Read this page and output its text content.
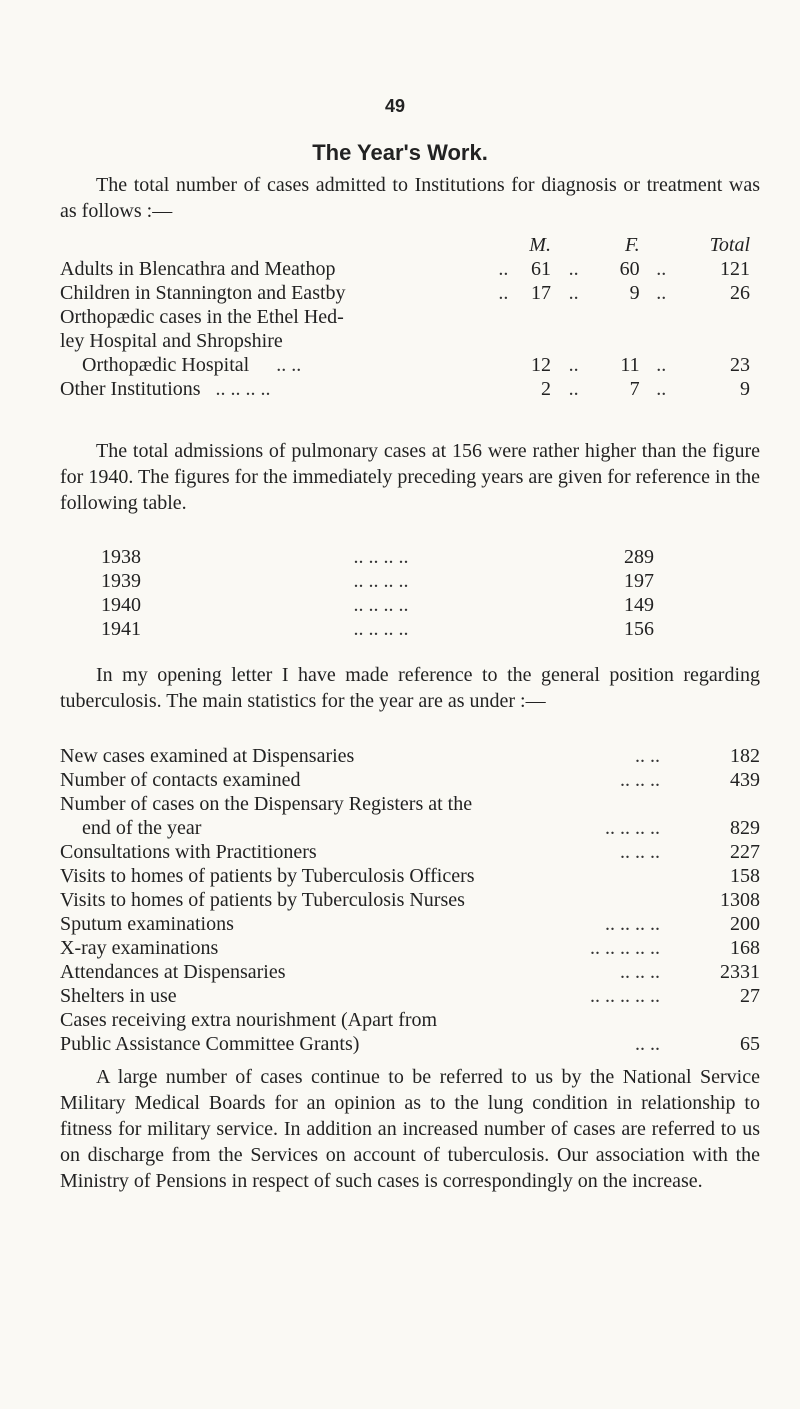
49
The Year's Work.

The total number of cases admitted to Institutions for diagnosis or treatment was as follows :—

		M.		F.		Total
Adults in Blencathra and Meathop	..	61	..	60	..	121
Children in Stannington and Eastby	..	17	..	9	..	26

Orthopædic cases in the Ethel Hed-
ley Hospital and Shropshire
Orthopædic Hospital .. ..		12	..	11	..	23
Other Institutions .. .. .. ..		2	..	7	..	9

The total admissions of pulmonary cases at 156 were rather higher than the figure for 1940. The figures for the immediately preceding years are given for reference in the following table.

1938	.. .. .. ..	289
1939	.. .. .. ..	197
1940	.. .. .. ..	149
1941	.. .. .. ..	156

In my opening letter I have made reference to the general position regarding tuberculosis. The main statistics for the year are as under :—

New cases examined at Dispensaries .. ..	182
Number of contacts examined .. .. ..	439

Number of cases on the Dispensary Registers at the
end of the year .. .. .. ..	829
Consultations with Practitioners .. .. ..	227
Visits to homes of patients by Tuberculosis Officers	158
Visits to homes of patients by Tuberculosis Nurses	1308
Sputum examinations .. .. .. ..	200
X-ray examinations .. .. .. .. ..	168
Attendances at Dispensaries .. .. ..	2331
Shelters in use .. .. .. .. ..	27

Cases receiving extra nourishment (Apart from
Public Assistance Committee Grants) .. ..	65

A large number of cases continue to be referred to us by the National Service Military Medical Boards for an opinion as to the lung condition in relationship to fitness for military service. In addition an increased number of cases are referred to us on discharge from the Services on account of tuberculosis. Our association with the Ministry of Pensions in respect of such cases is correspondingly on the increase.
